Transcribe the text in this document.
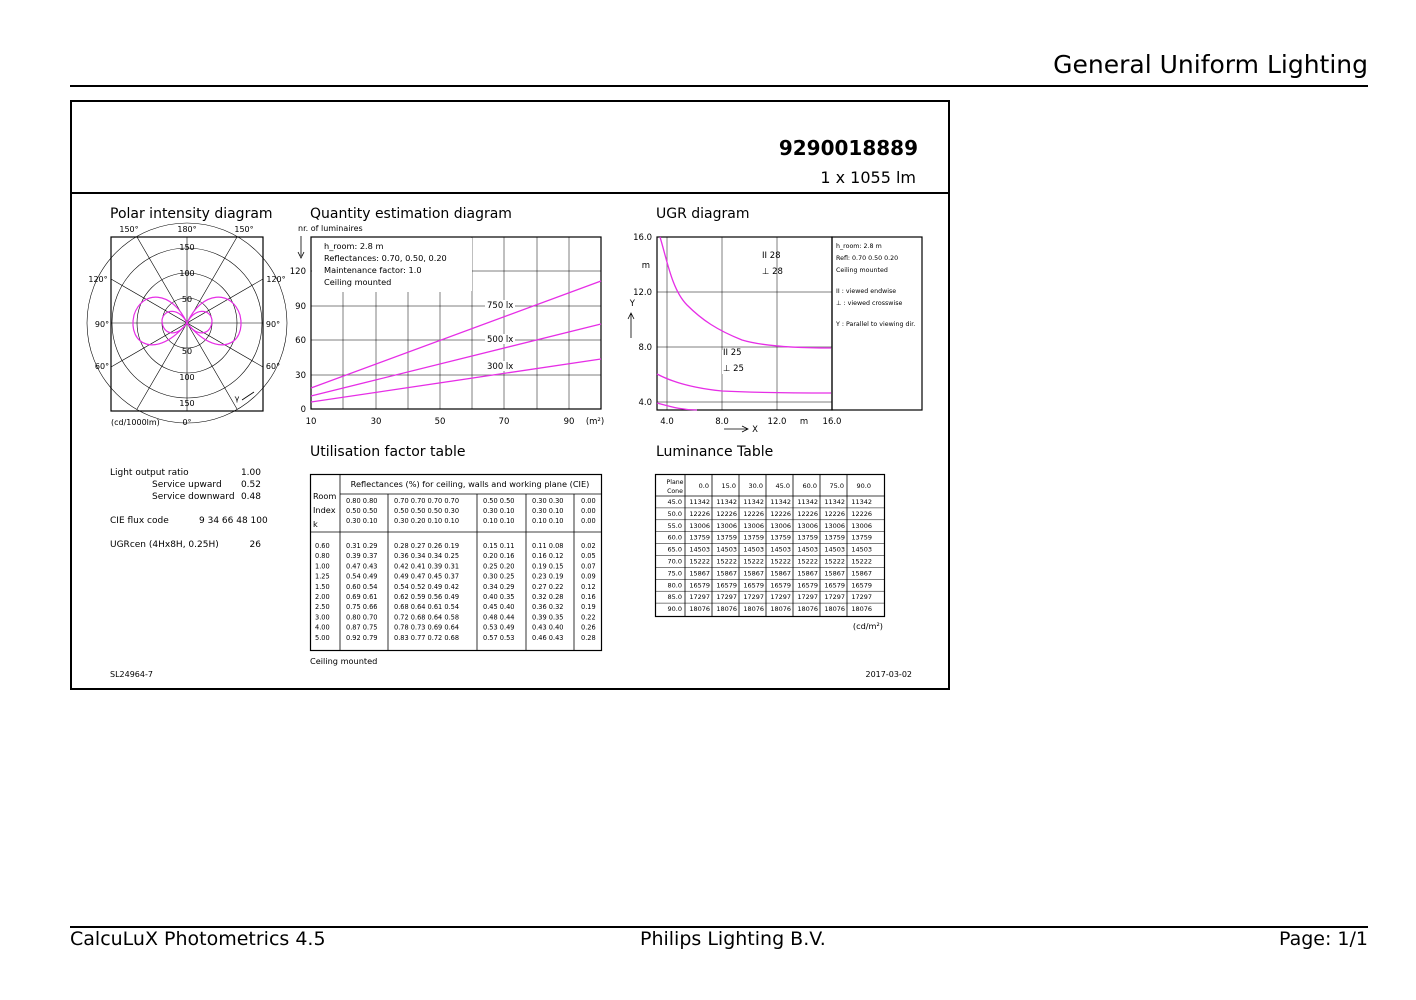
General Uniform Lighting
9290018889
1 x 1055 lm
Polar intensity diagram	Quantity estimation diagram	UGR diagram
Utilisation factor table	Luminance Table
150°	180°	150°
120°	120°
90°	90°
60°	60°
150
100
50
50
100
150
γ
(cd/1000lm)	0°
nr. of luminaires
h_room: 2.8 m
Reflectances: 0.70, 0.50, 0.20
Maintenance factor: 1.0
Ceiling mounted
750 lx
500 lx
300 lx
120
90
60
30
0
10	30	50	70	90 (m²)
II 28
⊥ 28
II 25
⊥ 25
16.0
12.0
8.0
4.0
m
Y
4.0	8.0	12.0	16.0
m
X
h_room: 2.8 m
Refl: 0.70 0.50 0.20
Ceiling mounted
II : viewed endwise
⊥ : viewed crosswise
Y : Parallel to viewing dir.
Light output ratio	1.00
Service upward 0.52
Service downward 0.48
CIE flux code	9 34 66 48 100
UGRcen (4Hx8H, 0.25H)	26
Reflectances (%) for ceiling, walls and working plane (CIE)
Room
Index
k
0.80 0.80	0.70 0.70 0.70 0.70	0.50 0.50	0.30 0.30	0.00
0.50 0.50	0.50 0.50 0.50 0.30	0.30 0.10	0.30 0.10	0.00
0.30 0.10	0.30 0.20 0.10 0.10	0.10 0.10	0.10 0.10	0.00
0.60 0.31 0.29	0.28 0.27 0.26 0.19	0.15 0.11	0.11 0.08	0.02
0.80 0.39 0.37	0.36 0.34 0.34 0.25	0.20 0.16	0.16 0.12	0.05
1.00 0.47 0.43	0.42 0.41 0.39 0.31	0.25 0.20	0.19 0.15	0.07
1.25 0.54 0.49	0.49 0.47 0.45 0.37	0.30 0.25	0.23 0.19	0.09
1.50 0.60 0.54	0.54 0.52 0.49 0.42	0.34 0.29	0.27 0.22	0.12
2.00 0.69 0.61	0.62 0.59 0.56 0.49	0.40 0.35	0.32 0.28	0.16
2.50 0.75 0.66	0.68 0.64 0.61 0.54	0.45 0.40	0.36 0.32	0.19
3.00 0.80 0.70	0.72 0.68 0.64 0.58	0.48 0.44	0.39 0.35	0.22
4.00 0.87 0.75	0.78 0.73 0.69 0.64	0.53 0.49	0.43 0.40	0.26
5.00 0.92 0.79	0.83 0.77 0.72 0.68	0.57 0.53	0.46 0.43	0.28
Ceiling mounted
Plane
Cone
0.0 15.0 30.0 45.0 60.0 75.0 90.0
45.0 11342 11342 11342 11342 11342 11342 11342
50.0 12226 12226 12226 12226 12226 12226 12226
55.0 13006 13006 13006 13006 13006 13006 13006
60.0 13759 13759 13759 13759 13759 13759 13759
65.0 14503 14503 14503 14503 14503 14503 14503
70.0 15222 15222 15222 15222 15222 15222 15222
75.0 15867 15867 15867 15867 15867 15867 15867
80.0 16579 16579 16579 16579 16579 16579 16579
85.0 17297 17297 17297 17297 17297 17297 17297
90.0 18076 18076 18076 18076 18076 18076 18076
(cd/m²)
SL24964-7	2017-03-02
CalcuLuX Photometrics 4.5	Philips Lighting B.V.	Page: 1/1
